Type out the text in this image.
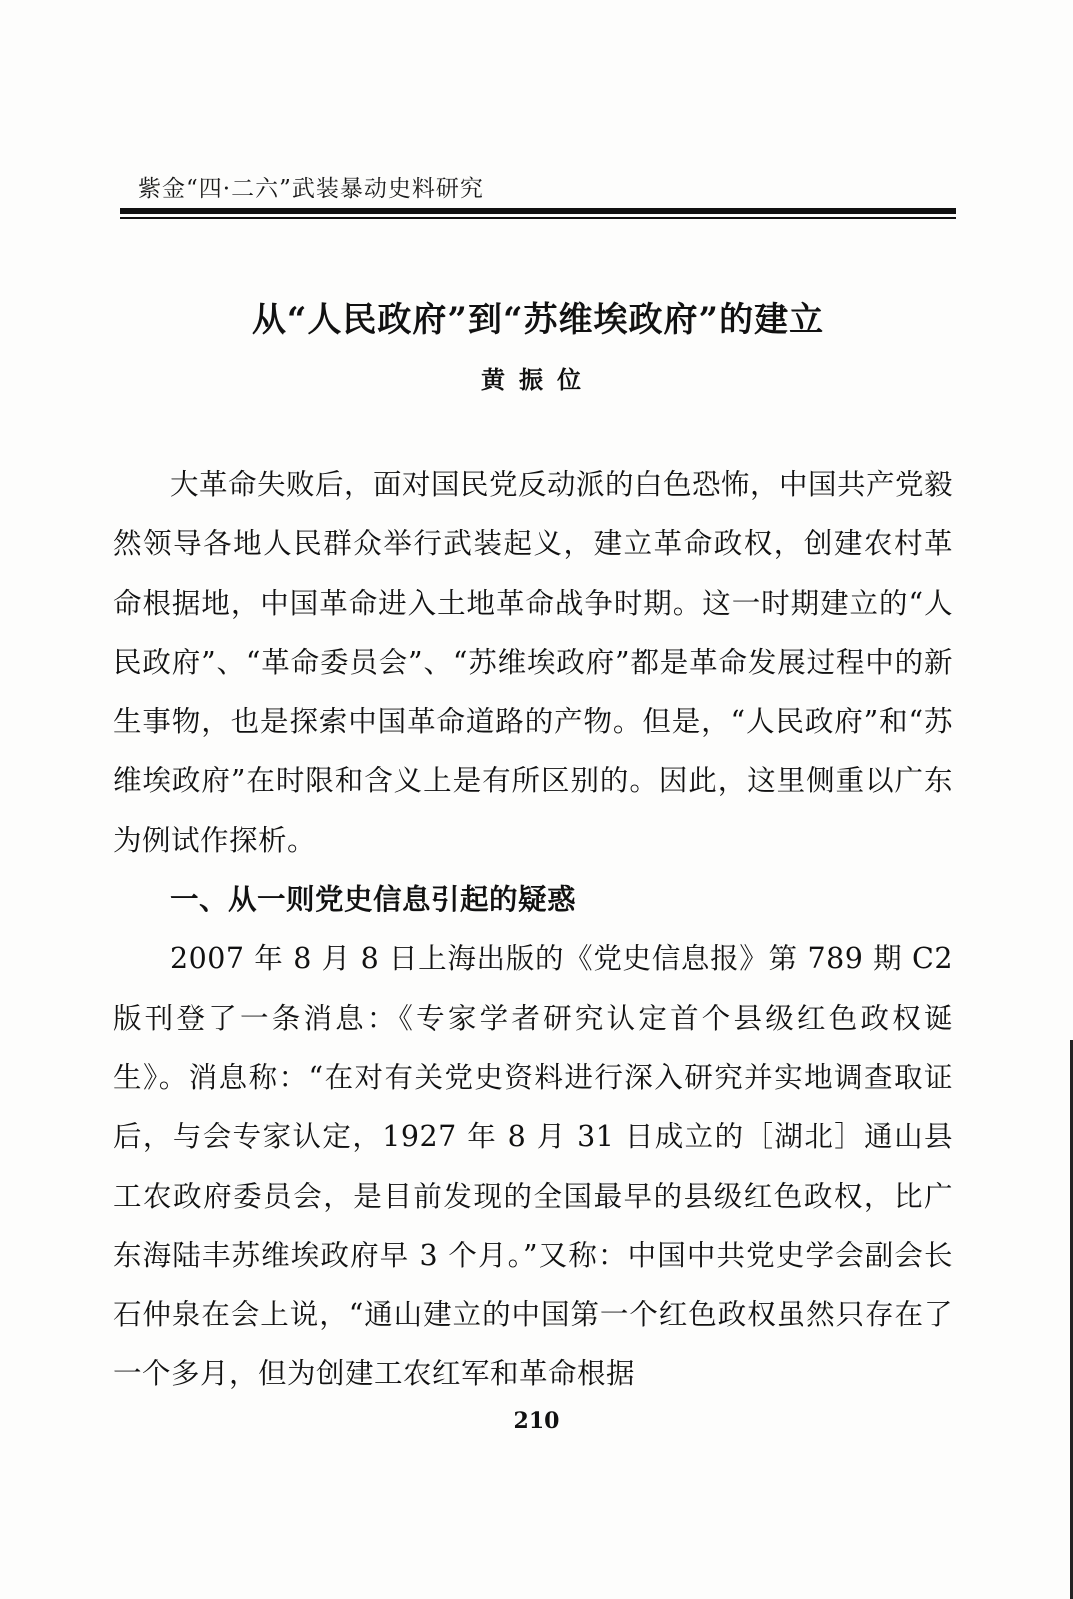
紫金“四·二六”武装暴动史料研究
从“人民政府”到“苏维埃政府”的建立
黄振位

大革命失败后，面对国民党反动派的白色恐怖，中国共产党毅然领导各地人民群众举行武装起义，建立革命政权，创建农村革命根据地，中国革命进入土地革命战争时期。这一时期建立的“人民政府”、“革命委员会”、“苏维埃政府”都是革命发展过程中的新生事物，也是探索中国革命道路的产物。但是，“人民政府”和“苏维埃政府”在时限和含义上是有所区别的。因此，这里侧重以广东为例试作探析。

一、从一则党史信息引起的疑惑

2007 年 8 月 8 日上海出版的《党史信息报》第 789 期 C2 版刊登了一条消息：《专家学者研究认定首个县级红色政权诞生》。消息称：“在对有关党史资料进行深入研究并实地调查取证后，与会专家认定，1927 年 8 月 31 日成立的［湖北］通山县工农政府委员会，是目前发现的全国最早的县级红色政权，比广东海陆丰苏维埃政府早 3 个月。”又称：中国中共党史学会副会长石仲泉在会上说，“通山建立的中国第一个红色政权虽然只存在了一个多月，但为创建工农红军和革命根据

210
